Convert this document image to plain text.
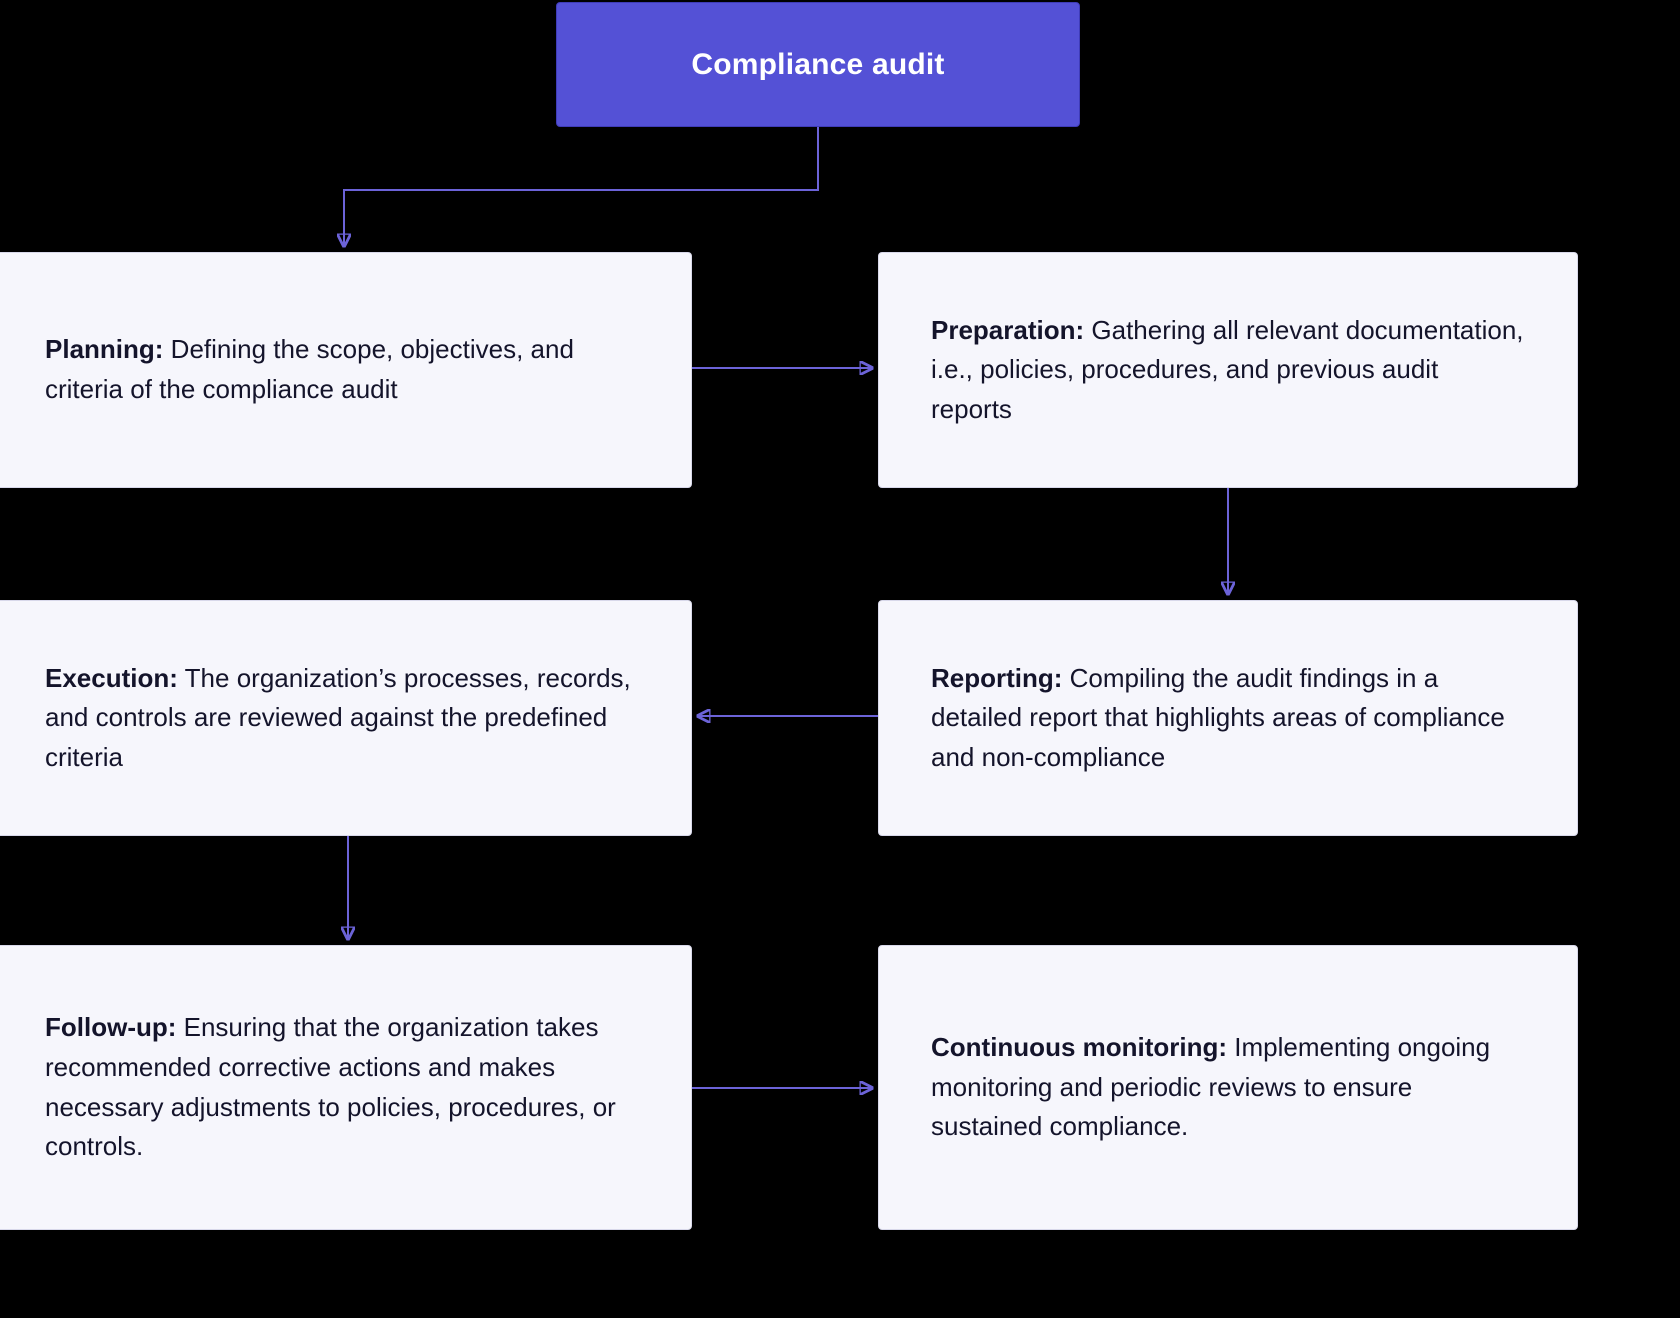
Compliance audit
Planning: Defining the scope, objectives, and criteria of the compliance audit
Preparation: Gathering all relevant documentation, i.e., policies, procedures, and previous audit reports
Execution: The organization’s processes, records, and controls are reviewed against the predefined criteria
Reporting: Compiling the audit findings in a detailed report that highlights areas of compliance and non-compliance
Follow-up: Ensuring that the organization takes recommended corrective actions and makes necessary adjustments to policies, procedures, or controls.
Continuous monitoring: Implementing ongoing monitoring and periodic reviews to ensure sustained compliance.
